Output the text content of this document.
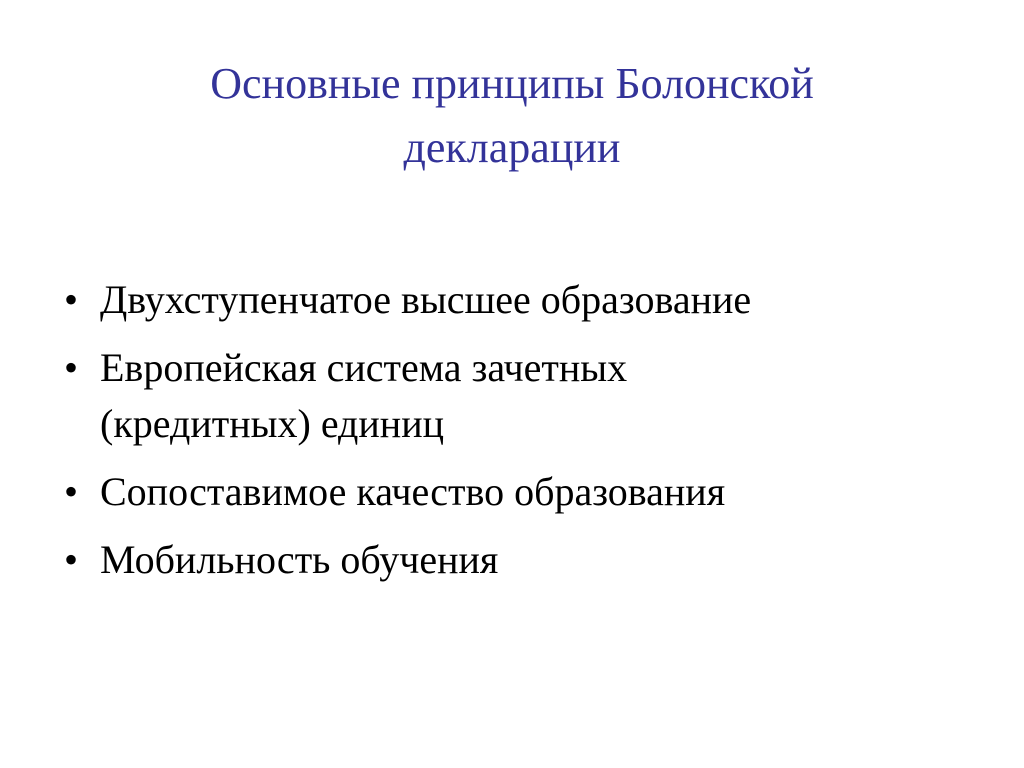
Основные принципы Болонской
декларации
• Двухступенчатое высшее образование
• Европейская система зачетных
(кредитных) единиц
• Сопоставимое качество образования
• Мобильность обучения
